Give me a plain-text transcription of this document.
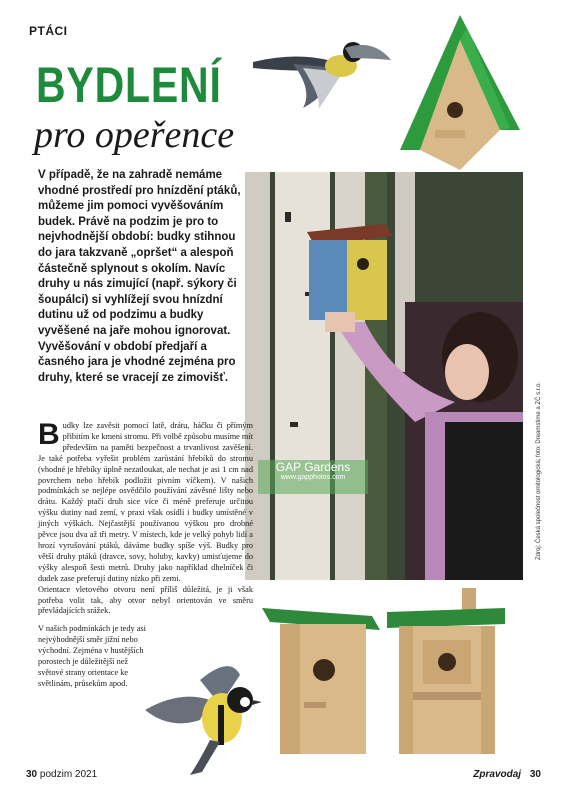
PTÁCI
BYDLENÍ
pro opeřence
V případě, že na zahradě nemáme vhodné prostředí pro hnízdění ptáků, můžeme jim pomoci vyvěšováním budek. Právě na podzim je pro to nejvhodnější období: budky stihnou do jara takzvaně „opršet“ a alespoň částečně splynout s okolím. Navíc druhy u nás zimující (např. sýkory či šoupálci) si vyhlížejí svou hnízdní dutinu už od podzimu a budky vyvěšené na jaře mohou ignorovat. Vyvěšování v období předjaří a časného jara je vhodné zejména pro druhy, které se vracejí ze zimovišť.
GAP Gardens
www.gapphotos.com	Zdroj: Česká společnost ornitologická; foto: Dreamstime a ZČ s.r.o.
Budky lze zavěsit pomocí latě, drátu, háčku či přímým přibitím ke kmeni stromu. Při volbě způsobu musíme mít především na paměti bezpečnost a trvanlivost zavěšení. Je také potřeba vyřešit problém zarůstání hřebíků do stromu (vhodné je hřebíky úplně nezatloukat, ale nechat je asi 1 cm nad povrchem nebo hřebík podložit pivním víčkem). V našich podmínkách se nejlépe osvědčilo používání závěsné lišty nebo drátu. Každý ptačí druh sice více či méně preferuje určitou výšku dutiny nad zemí, v praxi však osídlí i budky umístěné v jiných výškách. Nejčastější používanou výškou pro drobné pěvce jsou dva až tři metry. V místech, kde je velký pohyb lidí a hrozí vyrušování ptáků, dáváme budky spíše výš. Budky pro větší druhy ptáků (dravce, sovy, holuby, kavky) umisťujeme do výšky alespoň šesti metrů. Druhy jako například dhelníček či dudek zase preferují dutiny nízko při zemi.
Orientace vletového otvoru není příliš důležitá, je ji však potřeba volit tak, aby otvor nebyl orientován ve směru převládajících srážek.
V našich podmínkách je tedy asi nejvýhodnější směr jižní nebo východní. Zejména v hustějších porostech je důležitější než světové strany orientace ke světlinám, průsekům apod.
30 podzim 2021	Zpravodaj 30
